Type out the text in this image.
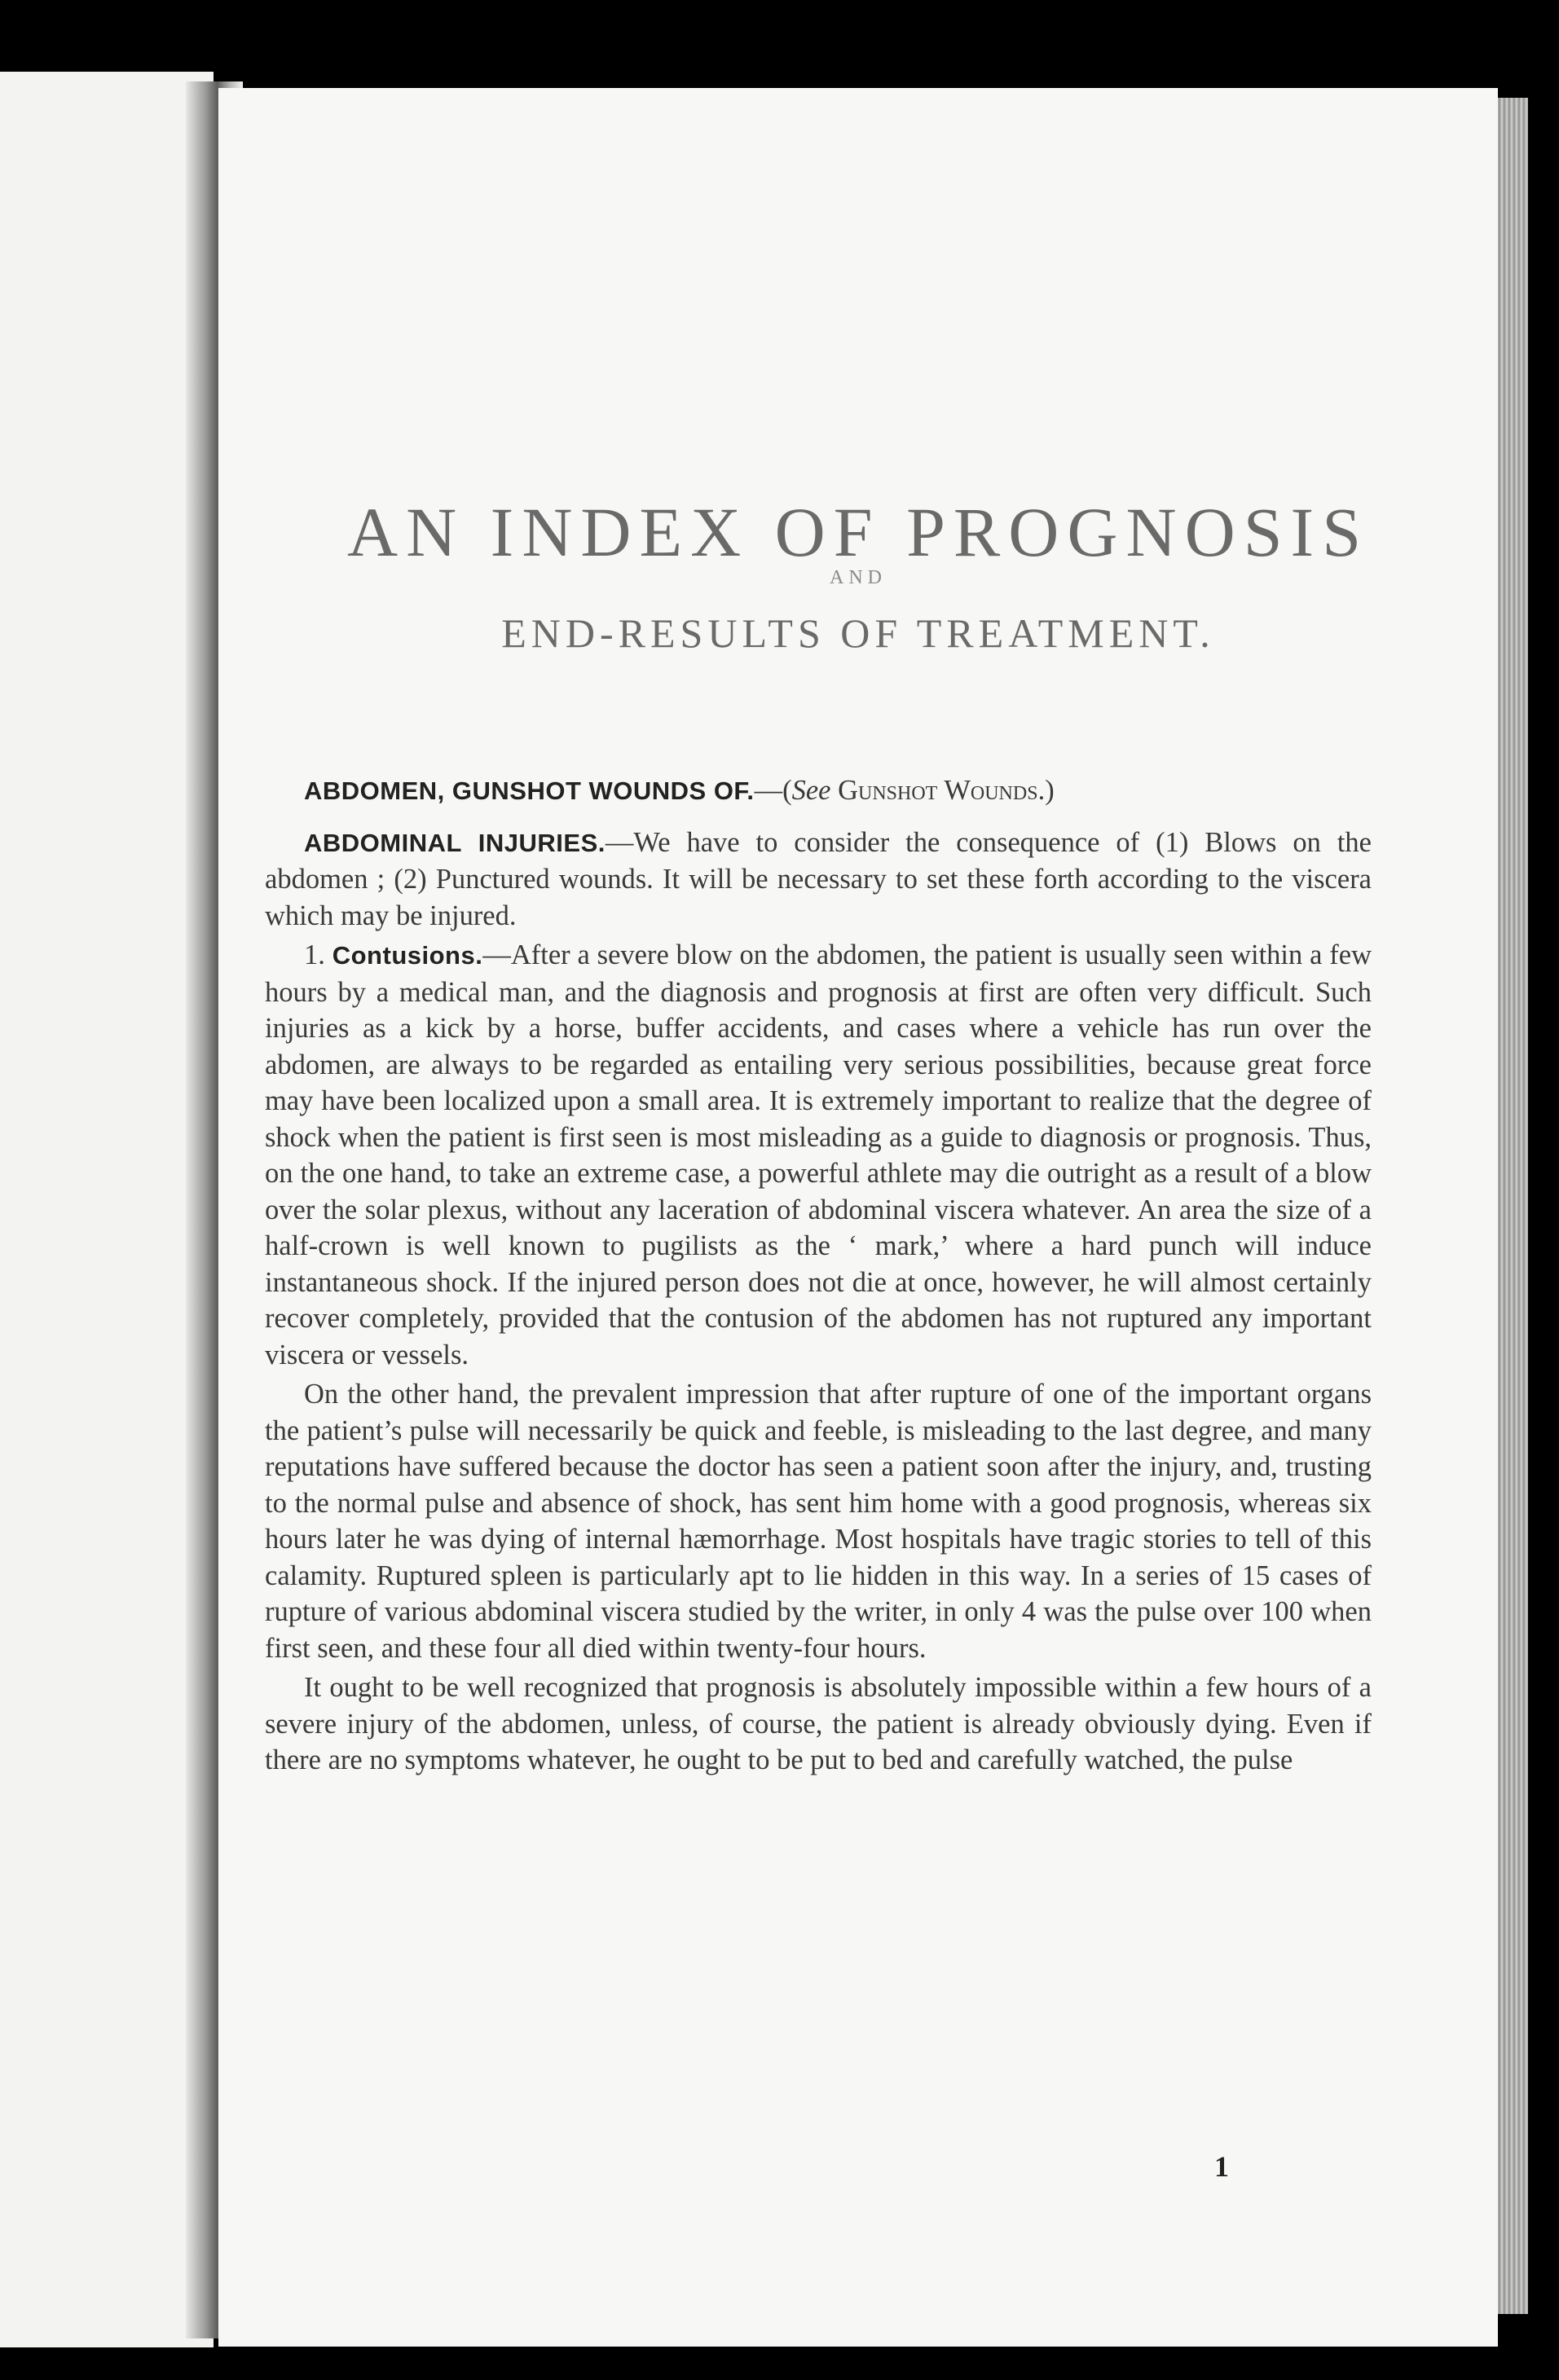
AN INDEX OF PROGNOSIS
AND
END-RESULTS OF TREATMENT.

ABDOMEN, GUNSHOT WOUNDS OF.—(See Gunshot Wounds.)

ABDOMINAL INJURIES.—We have to consider the consequence of (1) Blows on the abdomen ; (2) Punctured wounds. It will be necessary to set these forth according to the viscera which may be injured.

1. Contusions.—After a severe blow on the abdomen, the patient is usually seen within a few hours by a medical man, and the diagnosis and prognosis at first are often very difficult. Such injuries as a kick by a horse, buffer accidents, and cases where a vehicle has run over the abdomen, are always to be regarded as entailing very serious possibilities, because great force may have been localized upon a small area. It is extremely important to realize that the degree of shock when the patient is first seen is most misleading as a guide to diagnosis or prognosis. Thus, on the one hand, to take an extreme case, a powerful athlete may die outright as a result of a blow over the solar plexus, without any laceration of abdominal viscera whatever. An area the size of a half-crown is well known to pugilists as the ‘ mark,’ where a hard punch will induce instantaneous shock. If the injured person does not die at once, however, he will almost certainly recover completely, provided that the contusion of the abdomen has not ruptured any important viscera or vessels.

On the other hand, the prevalent impression that after rupture of one of the important organs the patient’s pulse will necessarily be quick and feeble, is misleading to the last degree, and many reputations have suffered because the doctor has seen a patient soon after the injury, and, trusting to the normal pulse and absence of shock, has sent him home with a good prognosis, whereas six hours later he was dying of internal hæmorrhage. Most hospitals have tragic stories to tell of this calamity. Ruptured spleen is particularly apt to lie hidden in this way. In a series of 15 cases of rupture of various abdominal viscera studied by the writer, in only 4 was the pulse over 100 when first seen, and these four all died within twenty-four hours.

It ought to be well recognized that prognosis is absolutely impossible within a few hours of a severe injury of the abdomen, unless, of course, the patient is already obviously dying. Even if there are no symptoms whatever, he ought to be put to bed and carefully watched, the pulse

1
